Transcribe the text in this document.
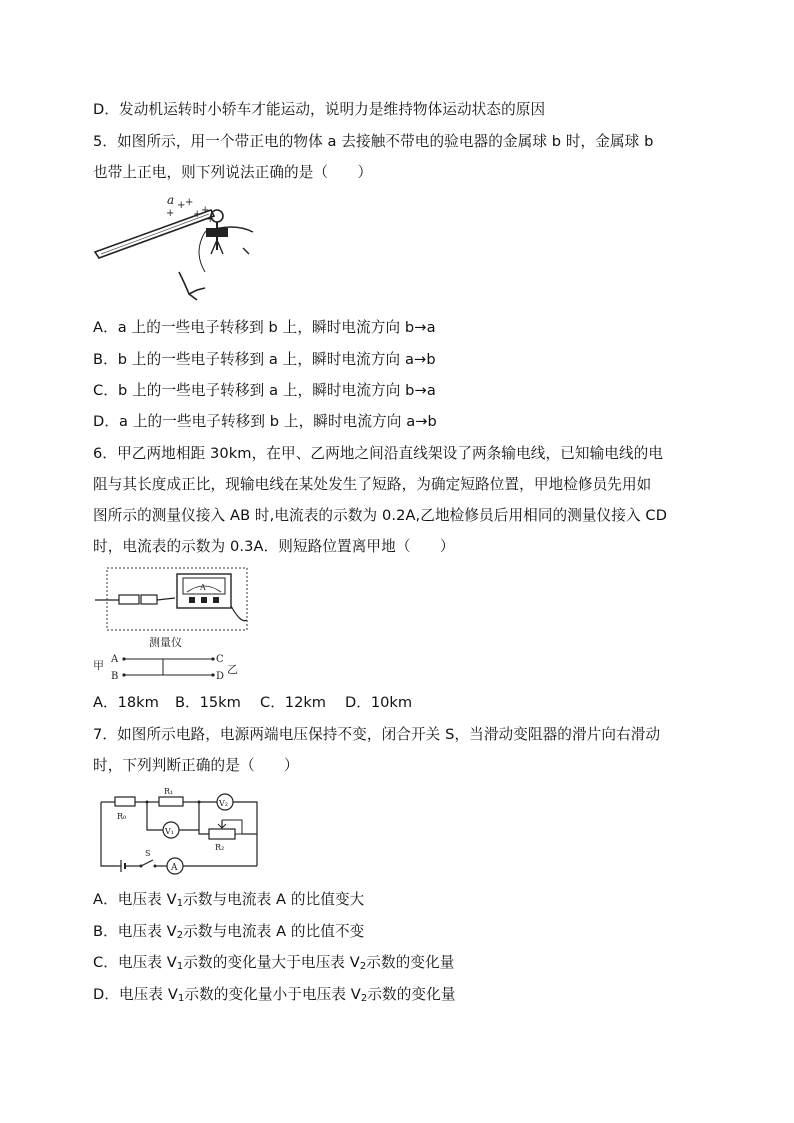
D．发动机运转时小轿车才能运动，说明力是维持物体运动状态的原因
5．如图所示，用一个带正电的物体 a 去接触不带电的验电器的金属球 b 时，金属球 b
也带上正电，则下列说法正确的是（　　）
a + +
+ +
+
+
A．a 上的一些电子转移到 b 上，瞬时电流方向 b→a
B．b 上的一些电子转移到 a 上，瞬时电流方向 a→b
C．b 上的一些电子转移到 a 上，瞬时电流方向 b→a
D．a 上的一些电子转移到 b 上，瞬时电流方向 a→b
6．甲乙两地相距 30km，在甲、乙两地之间沿直线架设了两条输电线，已知输电线的电
阻与其长度成正比，现输电线在某处发生了短路，为确定短路位置，甲地检修员先用如
图所示的测量仪接入 AB 时,电流表的示数为 0.2A,乙地检修员后用相同的测量仪接入 CD
时，电流表的示数为 0.3A．则短路位置离甲地（　　）
A
测量仪
甲 A
B
C
D
乙
A．18km B．15km C．12km D．10km
7．如图所示电路，电源两端电压保持不变，闭合开关 S，当滑动变阻器的滑片向右滑动
时，下列判断正确的是（　　）
R₀
R₁
V₂
V₁
R₂
S
A
A．电压表 $V_1$示数与电流表 A 的比值变大
B．电压表 $V_2$示数与电流表 A 的比值不变
C．电压表 $V_1$示数的变化量大于电压表 $V_2$示数的变化量
D．电压表 $V_1$示数的变化量小于电压表 $V_2$示数的变化量
